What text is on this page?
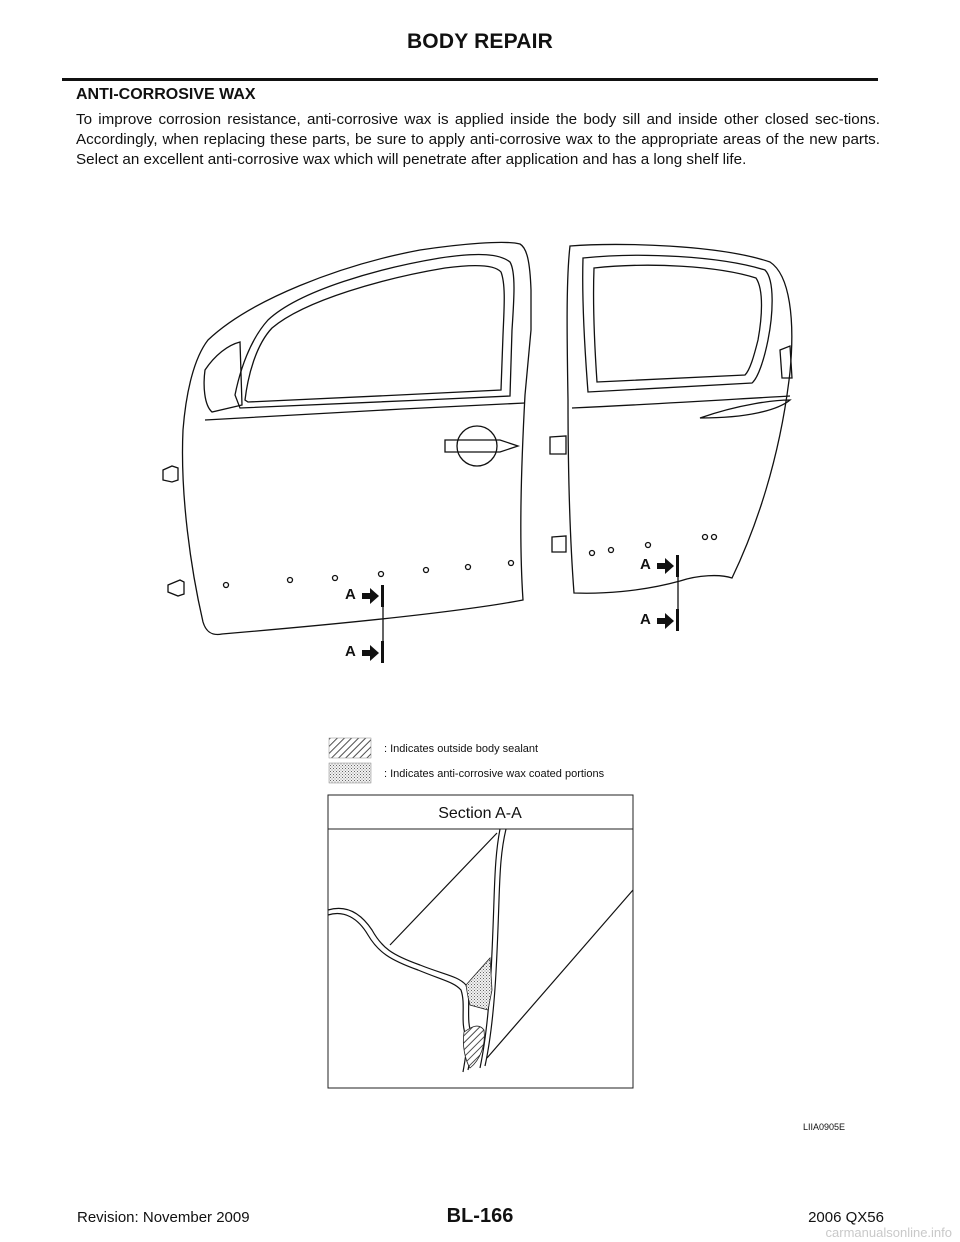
BODY REPAIR
ANTI-CORROSIVE WAX
To improve corrosion resistance, anti-corrosive wax is applied inside the body sill and inside other closed sec-tions. Accordingly, when replacing these parts, be sure to apply anti-corrosive wax to the appropriate areas of the new parts. Select an excellent anti-corrosive wax which will penetrate after application and has a long shelf life.
A
A
A
A
: Indicates outside body sealant
: Indicates anti-corrosive wax coated portions
Section A-A
LIIA0905E
Revision: November 2009	BL-166	2006 QX56
carmanualsonline.info
